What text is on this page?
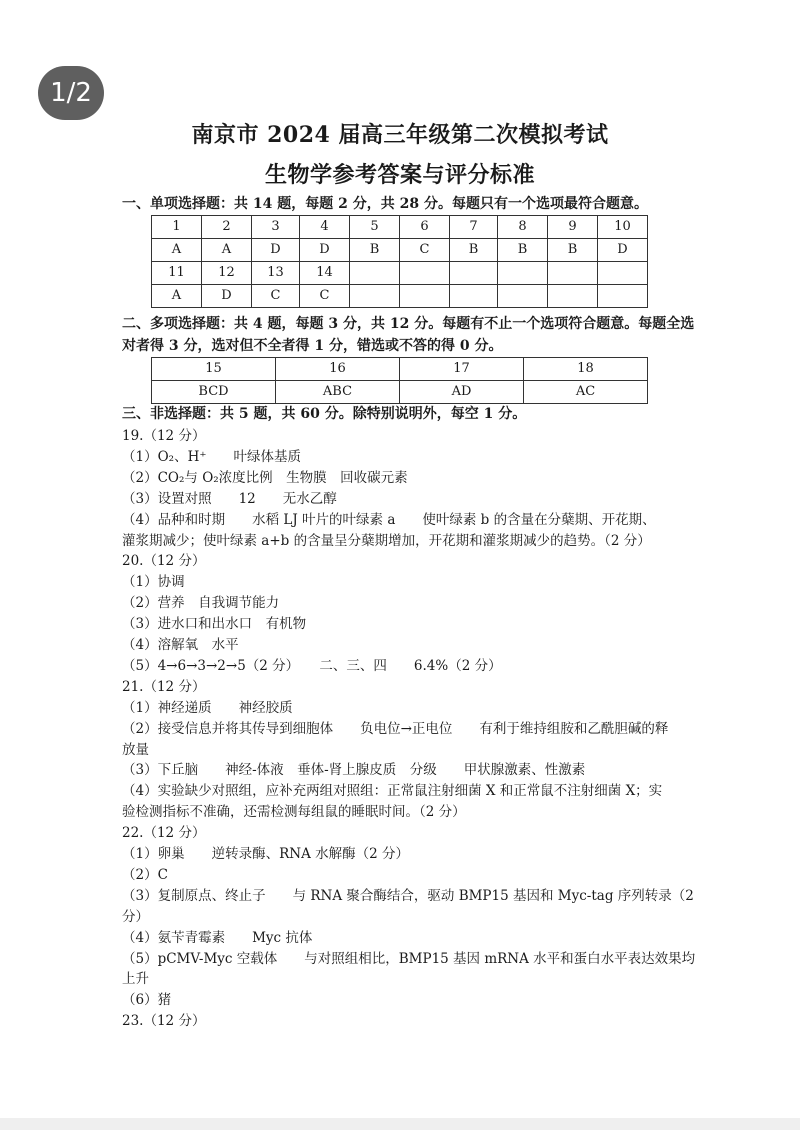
1/2
南京市 2024 届高三年级第二次模拟考试
生物学参考答案与评分标准
一、单项选择题：共 14 题，每题 2 分，共 28 分。每题只有一个选项最符合题意。
1	2	3	4	5	6	7	8	9	10
A	A	D	D	B	C	B	B	B	D
11	12	13	14						
A	D	C	C						
二、多项选择题：共 4 题，每题 3 分，共 12 分。每题有不止一个选项符合题意。每题全选
对者得 3 分，选对但不全者得 1 分，错选或不答的得 0 分。
15	16	17	18
BCD	ABC	AD	AC
三、非选择题：共 5 题，共 60 分。除特别说明外，每空 1 分。
19.（12 分）
（1）O₂、H⁺　　叶绿体基质
（2）CO₂与 O₂浓度比例　生物膜　回收碳元素
（3）设置对照　　12　　无水乙醇
（4）品种和时期　　水稻 LJ 叶片的叶绿素 a　　使叶绿素 b 的含量在分蘖期、开花期、
灌浆期减少；使叶绿素 a+b 的含量呈分蘖期增加，开花期和灌浆期减少的趋势。（2 分）
20.（12 分）
（1）协调
（2）营养　自我调节能力
（3）进水口和出水口　有机物
（4）溶解氧　水平
（5）4→6→3→2→5（2 分）　　二、三、四　　6.4%（2 分）
21.（12 分）
（1）神经递质　　神经胶质
（2）接受信息并将其传导到细胞体　　负电位→正电位　　有利于维持组胺和乙酰胆碱的释
放量
（3）下丘脑　　神经-体液　垂体-肾上腺皮质　分级　　甲状腺激素、性激素
（4）实验缺少对照组，应补充两组对照组：正常鼠注射细菌 X 和正常鼠不注射细菌 X；实
验检测指标不准确，还需检测每组鼠的睡眠时间。（2 分）
22.（12 分）
（1）卵巢　　逆转录酶、RNA 水解酶（2 分）
（2）C
（3）复制原点、终止子　　与 RNA 聚合酶结合，驱动 BMP15 基因和 Myc-tag 序列转录（2
分）
（4）氨苄青霉素　　Myc 抗体
（5）pCMV-Myc 空载体　　与对照组相比，BMP15 基因 mRNA 水平和蛋白水平表达效果均
上升
（6）猪
23.（12 分）
